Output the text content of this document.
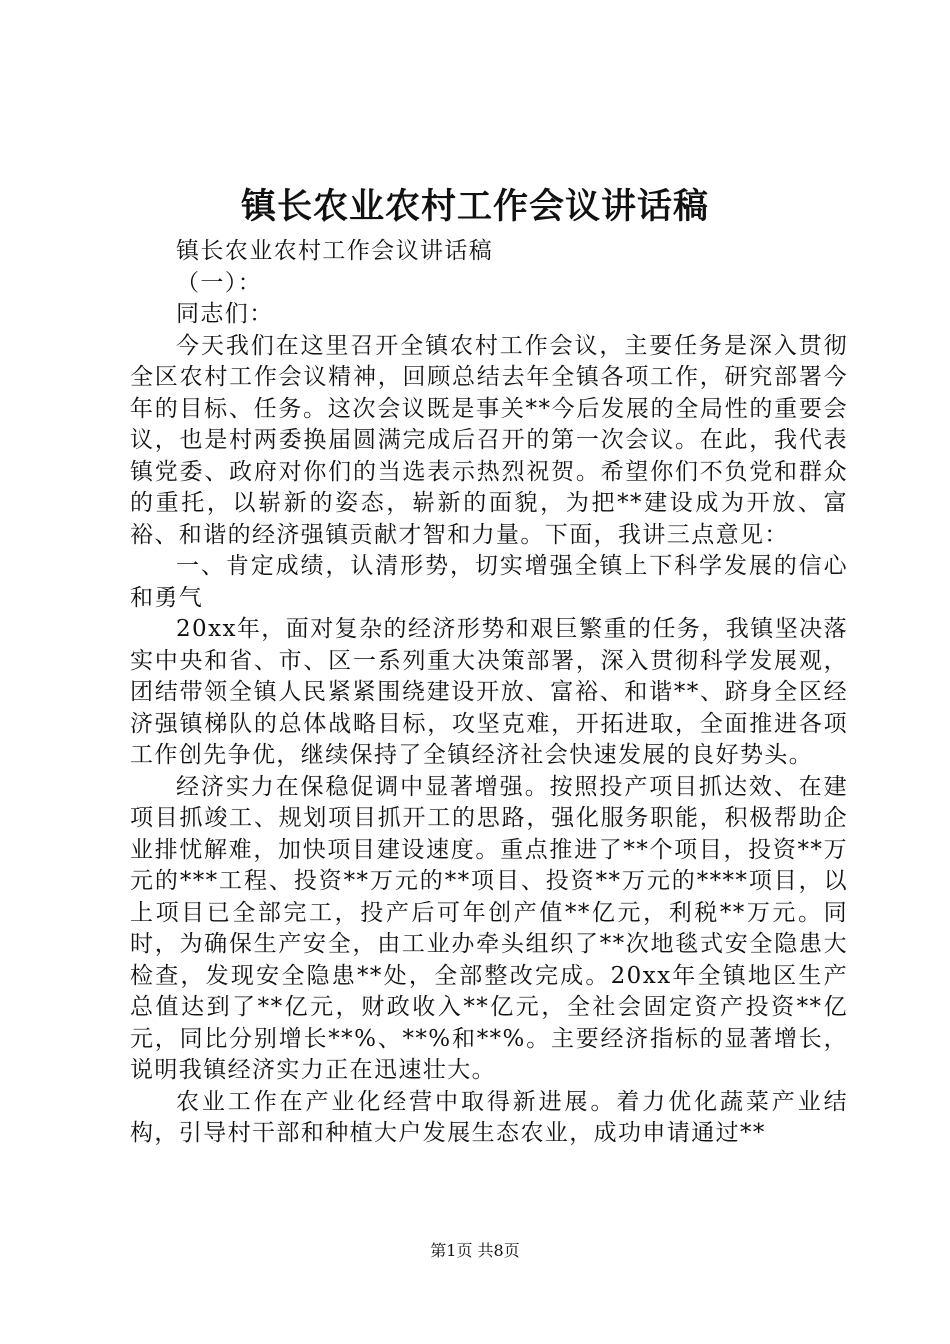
镇长农业农村工作会议讲话稿

镇长农业农村工作会议讲话稿

（一）：

同志们：

今天我们在这里召开全镇农村工作会议，主要任务是深入贯彻全区农村工作会议精神，回顾总结去年全镇各项工作，研究部署今年的目标、任务。这次会议既是事关**今后发展的全局性的重要会议，也是村两委换届圆满完成后召开的第一次会议。在此，我代表镇党委、政府对你们的当选表示热烈祝贺。希望你们不负党和群众的重托，以崭新的姿态，崭新的面貌，为把**建设成为开放、富裕、和谐的经济强镇贡献才智和力量。下面，我讲三点意见：

一、肯定成绩，认清形势，切实增强全镇上下科学发展的信心和勇气

20xx年，面对复杂的经济形势和艰巨繁重的任务，我镇坚决落实中央和省、市、区一系列重大决策部署，深入贯彻科学发展观，团结带领全镇人民紧紧围绕建设开放、富裕、和谐**、跻身全区经济强镇梯队的总体战略目标，攻坚克难，开拓进取，全面推进各项工作创先争优，继续保持了全镇经济社会快速发展的良好势头。

经济实力在保稳促调中显著增强。按照投产项目抓达效、在建项目抓竣工、规划项目抓开工的思路，强化服务职能，积极帮助企业排忧解难，加快项目建设速度。重点推进了**个项目，投资**万元的***工程、投资**万元的**项目、投资**万元的****项目，以上项目已全部完工，投产后可年创产值**亿元，利税**万元。同时，为确保生产安全，由工业办牵头组织了**次地毯式安全隐患大检查，发现安全隐患**处，全部整改完成。20xx年全镇地区生产总值达到了**亿元，财政收入**亿元，全社会固定资产投资**亿元，同比分别增长**%、**%和**%。主要经济指标的显著增长，说明我镇经济实力正在迅速壮大。

农业工作在产业化经营中取得新进展。着力优化蔬菜产业结构，引导村干部和种植大户发展生态农业，成功申请通过**

第1页 共8页
